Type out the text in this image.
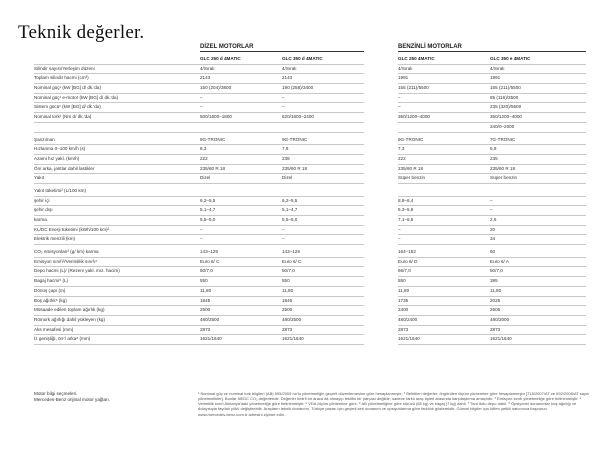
Teknik değerler.
DİZEL MOTORLAR	BENZİNLİ MOTORLAR
	GLC 250 d 4MATIC	GLC 350 d 4MATIC		GLC 250 4MATIC	GLC 350 e 4MATIC
Silindir sayısı/Yerleşim düzeni	4/Sıralı	4/Sıralı		4/Sıralı	4/Sıralı
Toplam silindir hacmi (cm³)	2143	2143		1991	1991
Nominal güç¹ (kW [BG] d/ dk.'da)	150 (204)/3800	190 (258)/3400		155 (211)/5500	155 (211)/5500
Nominal güç¹ e-motor (kW [BG] d/ dk.'da)	–	–		–	85 (116)/3500
Sistem gücü¹ (kW [BG] d/ dk.'da)	–	–		–	235 (320)/5500
Nominal tork¹ (Nm d/ dk.'da)	500/1600–1800	620/1600–2400		350/1200–4000	350/1200–4000
					340/0–2000

Şanzıman	9G-TRONIC	9G-TRONIC		9G-TRONIC	7G-TRONIC
Hızlanma 0–100 km/h (s)	8,3	7,6		7,3	5,9
Azami hız yakl. (km/h)	222	238		222	235
Ön/ arka, jantlar dahil lastikler	235/60 R 18	235/60 R 18		235/60 R 18	235/60 R 18
Yakıt	Dizel	Dizel		Süper benzin	Süper benzin

Yakıt tüketimi² (L/100 km)					
şehir içi	6,2–5,5	6,2–5,5		8,8–8,4	–
şehir dışı	5,1–4,7	5,1–4,7		6,3–5,6	–
karma	5,5–5,0	5,5–5,0		7,1–6,5	2,6
KL/DC Enerji tüketimi (kWh/100 km)²	–	–		–	20
Elektrik menzili (km)	–	–		–	34

CO₂ emisyonları² (g/ km) karma	143–129	143–129		164–152	60
Emisyon sınıfı³/Verimlilik sınıfı⁴	Euro 6/ C	Euro 6/ C		Euro 6/ D	Euro 6/ A
Depo hacmi (L)/ (Rezerv yakl. mız. hacim)	50/7,0	50/7,0		66/7,0	50/7,0
Bagaj hacmi⁵ (L)	550	550		550	395
Dönüş çapı (m)	11,80	11,80		11,80	11,80
Boş ağırlık⁶ (kg)	1845	1845		1735	2025
Müsaade edilen toplam ağırlık (kg)	2500	2500		2400	2605
Römork ağırlığı dahil yükleyen (kg)	480/2500	480/2500		480/2400	480/2000
Aks mesafesi (mm)	2873	2873		2873	2873
İz genişliği, ön⁷/ arka⁸ (mm)	1621/1640	1621/1640		1621/1640	1621/1640
Motor bilgi seçmeleri.
Mercedes-Benz orijinal motor yağları.
¹ Nominal güç ve nominal tork bilgileri (AB) 595/2009 no'lu yönetmeliğin geçerli düzenlemesine göre hesaplanmıştır. ² Belirtilen değerler, öngörülen ölçüm yöntemine göre hesaplanmıştır [715/2007/AT ve 692/2008/AT sayılı yönetmelikler]. Bunlar NEDC CO₂ değerleridir. Değerler belirli bir araca ait olmayıp teklifin bir parçası değildir; sadece farklı araç tipleri arasında karşılaştırma amaçlıdır. ³ Emisyon sınıfı yönetmeliğe göre belirlenmiştir. ⁴ Verimlilik sınıfı Almanya'daki yönetmeliğe göre belirlenmiştir. ⁵ VDA ölçüm yöntemine göre. ⁶ AB yönetmeliğine göre sürücü (68 kg) ve bagaj (7 kg) dahil. ⁷ Tam dolu depo dahil. ⁸ Opsiyonel donanımlar boş ağırlığı ve dolayısıyla faydalı yükü değiştirebilir. Araçların teknik donanımı, Türkiye pazarı için geçerli seri donanım ve opsiyonlarına göre farklılık gösterebilir. Güncel bilgiler için lütfen yetkili satıcınıza başvurun.
www.mercedes-benz.com.tr adresini ziyaret edin.
